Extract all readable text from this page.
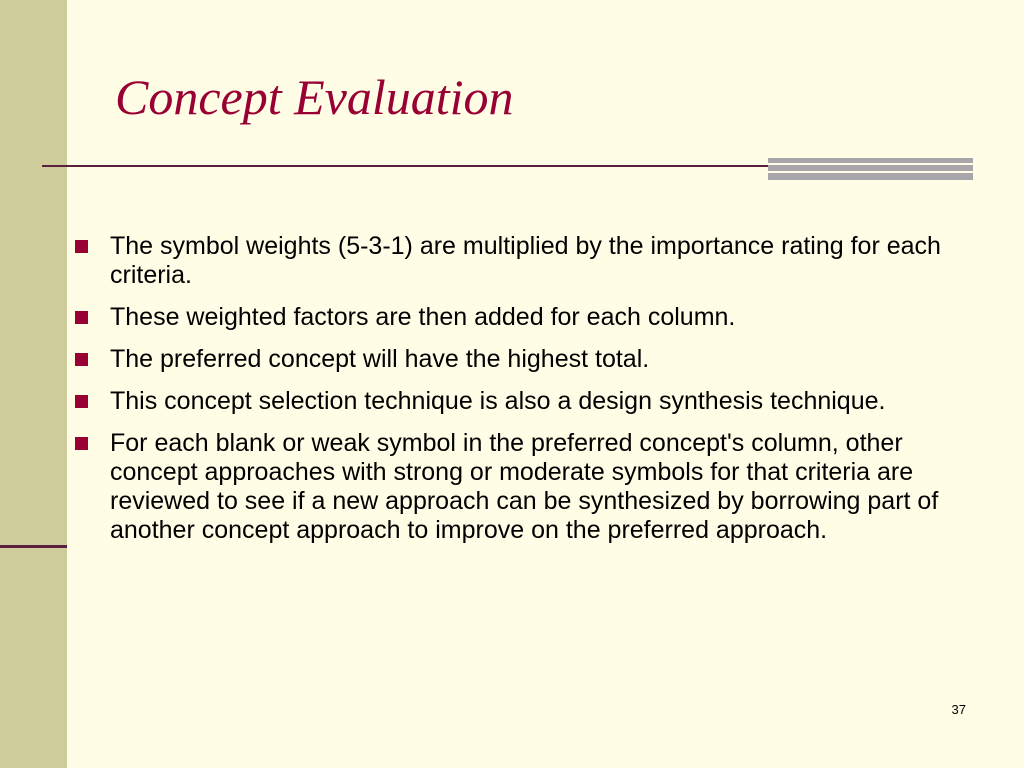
Concept Evaluation
The symbol weights (5-3-1) are multiplied by the importance rating for each criteria.
These weighted factors are then added for each column.
The preferred concept will have the highest total.
This concept selection technique is also a design synthesis technique.
For each blank or weak symbol in the preferred concept's column, other concept approaches with strong or moderate symbols for that criteria are reviewed to see if a new approach can be synthesized by borrowing part of another concept approach to improve on the preferred approach.
37
